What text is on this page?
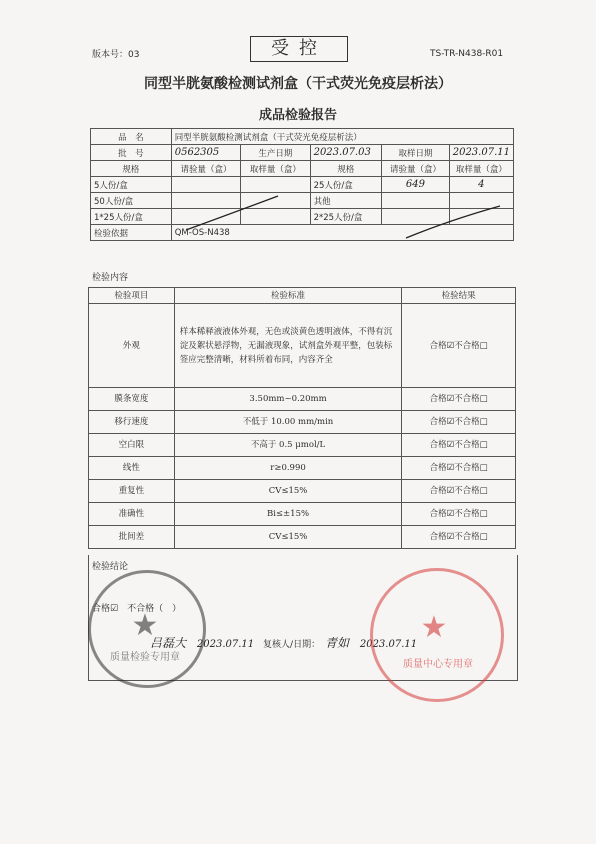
版本号：03	受控	TS-TR-N438-R01
同型半胱氨酸检测试剂盒（干式荧光免疫层析法）
成品检验报告
品　名	同型半胱氨酸检测试剂盒（干式荧光免疫层析法）				
批　号	0562305	生产日期	2023.07.03	取样日期	2023.07.11
规格	请验量（盒）	取样量（盒）	规格	请验量（盒）	取样量（盒）
5人份/盒			25人份/盒	649	4
50人份/盒			其他		
1*25人份/盒			2*25人份/盒		
检验依据	QM-OS-N438				
检验内容
检验项目	检验标准	检验结果
外观	样本稀释液液体外观，无色或淡黄色透明液体，不得有沉淀及絮状悬浮物，无漏液现象，试剂盒外观平整，包装标签应完整清晰，材料所着布同，内容齐全	合格☑不合格□
膜条宽度	3.50mm~0.20mm	合格☑不合格□
移行速度	不低于 10.00 mm/min	合格☑不合格□
空白限	不高于 0.5 μmol/L	合格☑不合格□
线性	r≥0.990	合格☑不合格□
重复性	CV≤15%	合格☑不合格□
准确性	Bi≤±15%	合格☑不合格□
批间差	CV≤15%	合格☑不合格□
检验结论
合格☑　不合格（　）
吕磊大 2023.07.11 复核人/日期： 青如 2023.07.11
★
质量检验专用章
★
质量中心专用章
